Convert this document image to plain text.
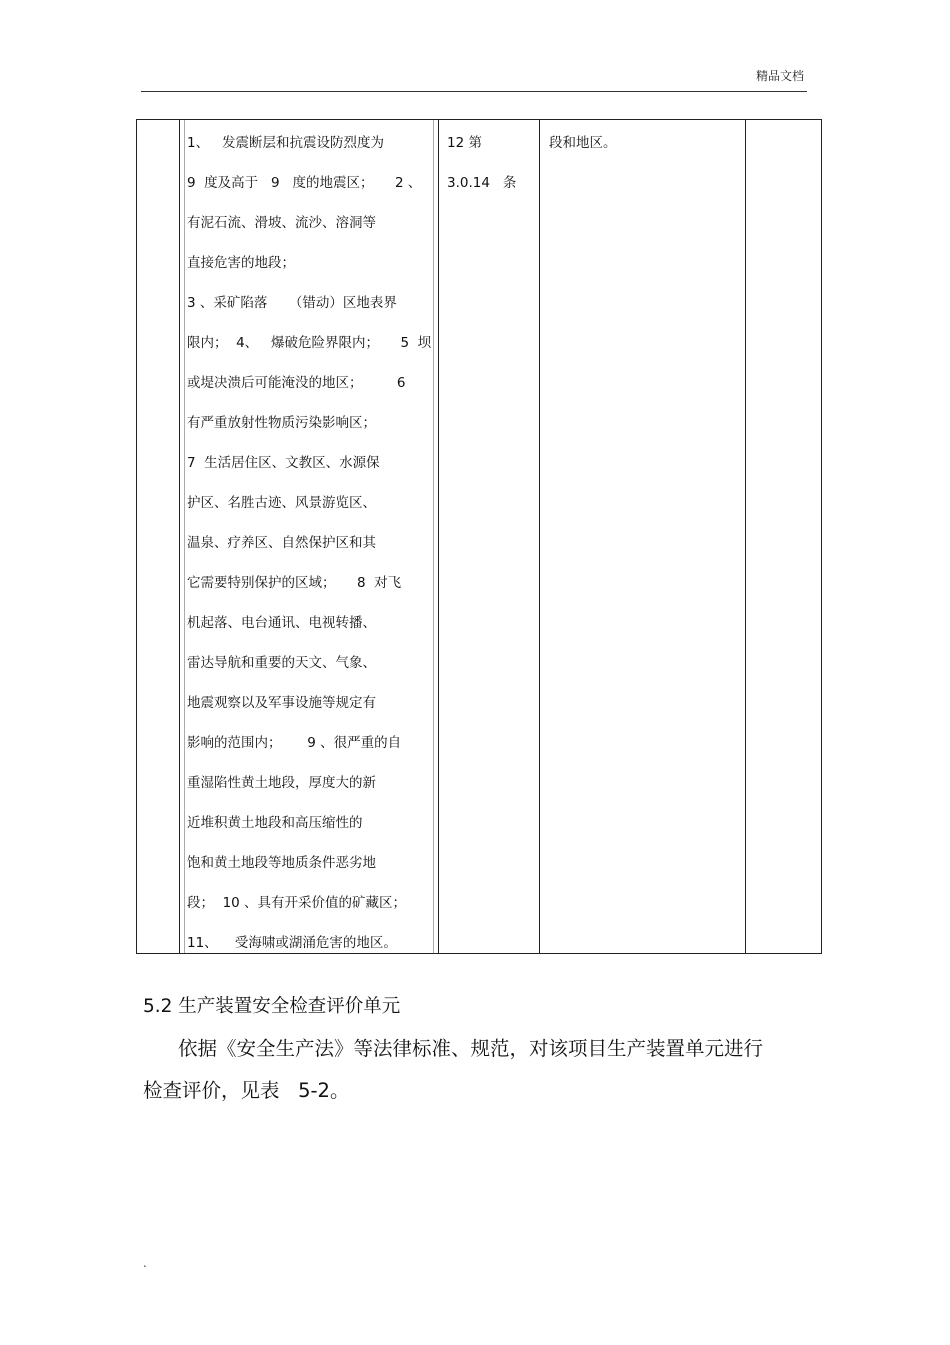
精品文档
1、   发震断层和抗震设防烈度为
9  度及高于   9   度的地震区；     2 、
有泥石流、滑坡、流沙、溶洞等
直接危害的地段；
3 、采矿陷落     （错动）区地表界
限内；  4、   爆破危险界限内；     5  坝
或堤决溃后可能淹没的地区；        6
有严重放射性物质污染影响区；
7  生活居住区、文教区、水源保
护区、名胜古迹、风景游览区、
温泉、疗养区、自然保护区和其
它需要特别保护的区域；     8  对飞
机起落、电台通讯、电视转播、
雷达导航和重要的天文、气象、
地震观察以及军事设施等规定有
影响的范围内；      9 、很严重的自
重湿陷性黄土地段，厚度大的新
近堆积黄土地段和高压缩性的
饱和黄土地段等地质条件恶劣地
段；  10 、具有开采价值的矿藏区；
11、    受海啸或湖涌危害的地区。
12 第
3.0.14   条
段和地区。
5.2 生产装置安全检查评价单元
依据《安全生产法》等法律标准、规范，对该项目生产装置单元进行
检查评价，见表   5-2。
.
